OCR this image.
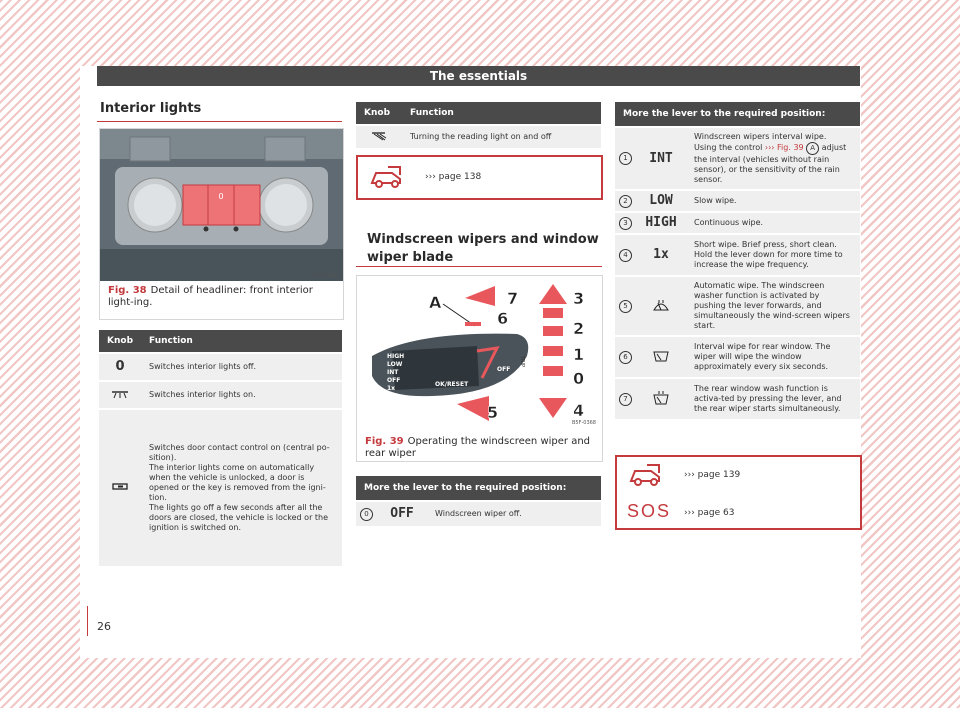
The essentials
Interior lights
0
B5F-0568
Fig. 38 Detail of headliner: front interior light-ing.
Knob	Function
0	Switches interior lights off.
	Switches interior lights on.
	Switches door contact control on (central po-sition).
The interior lights come on automatically when the vehicle is unlocked, a door is opened or the key is removed from the igni-tion.
The lights go off a few seconds after all the doors are closed, the vehicle is locked or the ignition is switched on.
Knob	Function
	Turning the reading light on and off
››› page 138
Windscreen wipers and window wiper blade
HIGH
LOW
INT
OFF
1x
OK/RESET
OFF
TRIP
A	7
6
3
2
1
0
4
5
B5F-0368
Fig. 39 Operating the windscreen wiper and rear wiper
More the lever to the required position:
0	OFF	Windscreen wiper off.
More the lever to the required position:		
1	INT	Windscreen wipers interval wipe.
Using the control ››› Fig. 39 A adjust the interval (vehicles without rain sensor), or the sensitivity of the rain sensor.
2	LOW	Slow wipe.
3	HIGH	Continuous wipe.
4	1x	Short wipe. Brief press, short clean. Hold the lever down for more time to increase the wipe frequency.
5		Automatic wipe. The windscreen washer function is activated by pushing the lever forwards, and simultaneously the wind-screen wipers start.
6		Interval wipe for rear window. The wiper will wipe the window approximately every six seconds.
7		The rear window wash function is activa-ted by pressing the lever, and the rear wiper starts simultaneously.
››› page 139
SOS ››› page 63
26
